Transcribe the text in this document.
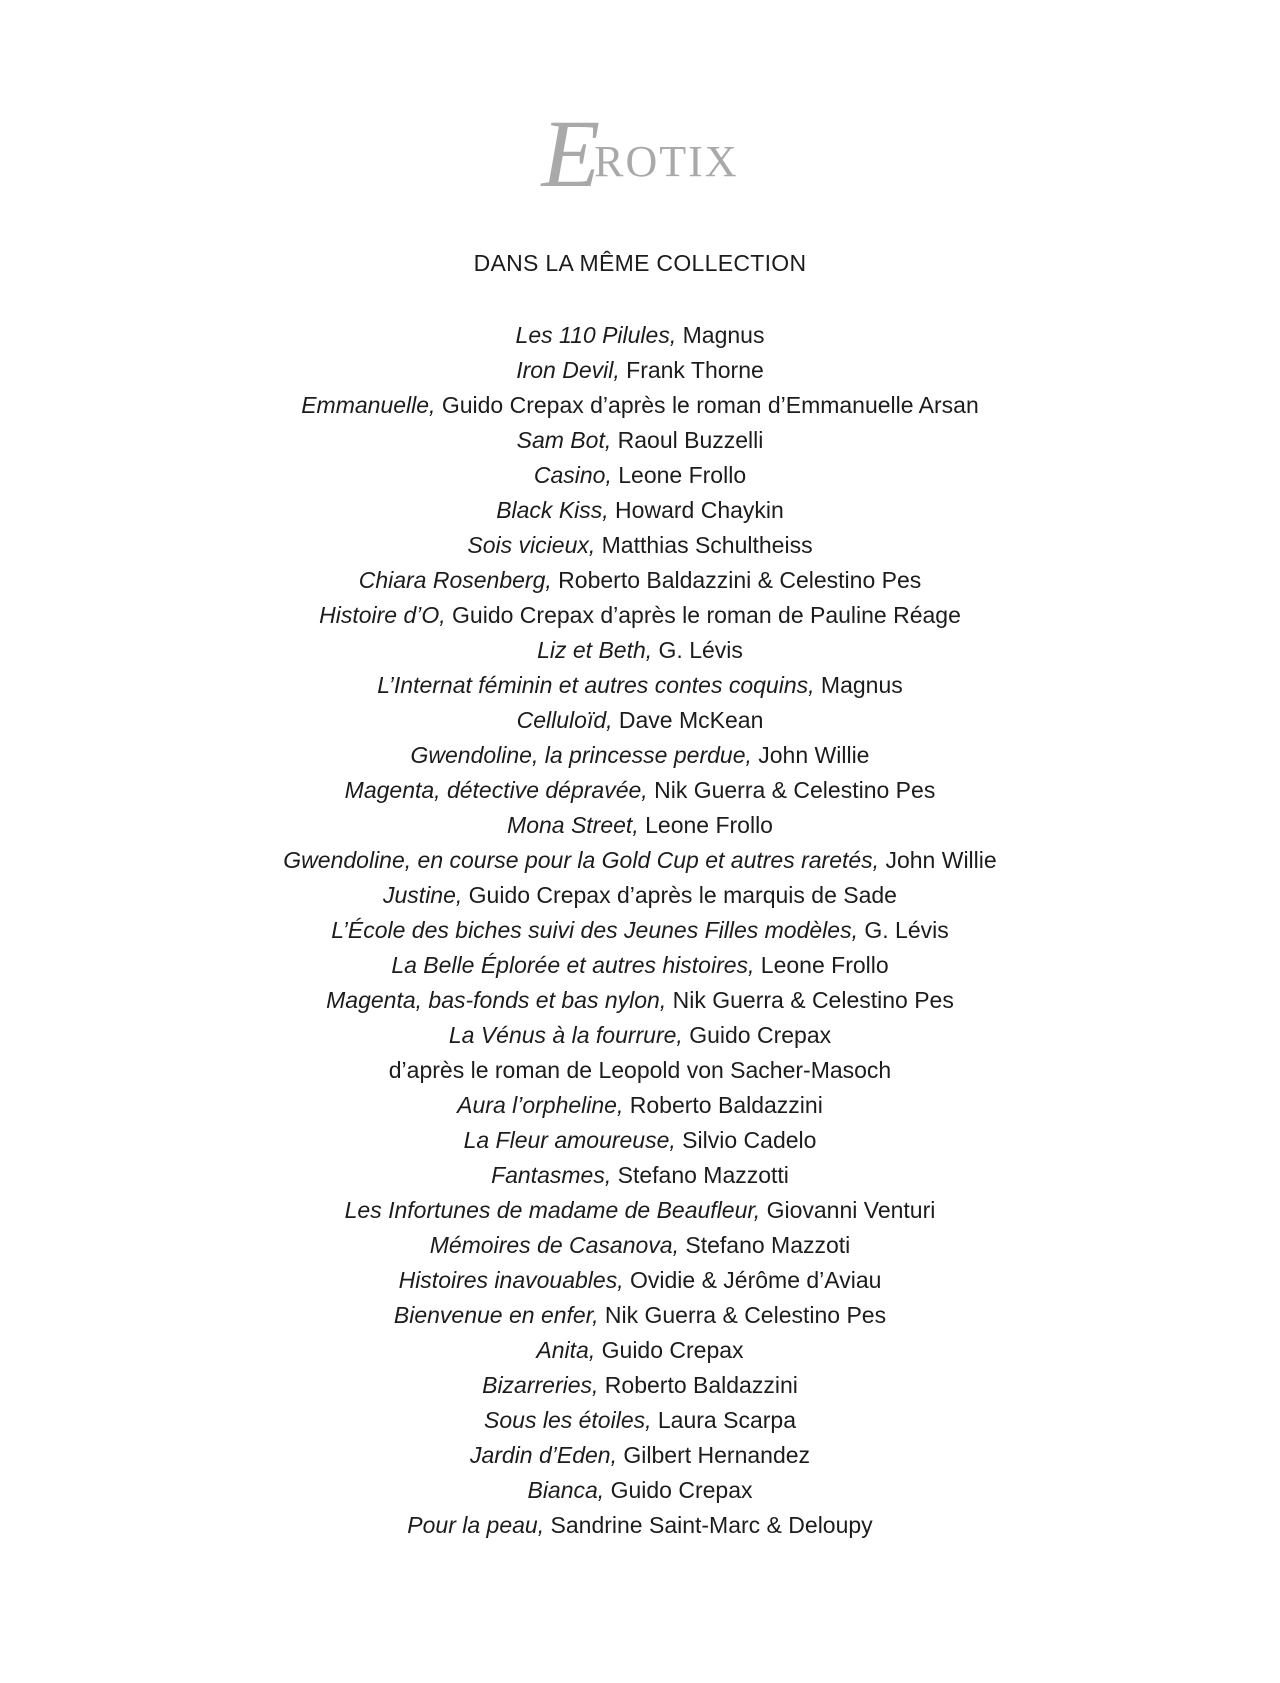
EROTIX
DANS LA MÊME COLLECTION
Les 110 Pilules, Magnus
Iron Devil, Frank Thorne
Emmanuelle, Guido Crepax d’après le roman d’Emmanuelle Arsan
Sam Bot, Raoul Buzzelli
Casino, Leone Frollo
Black Kiss, Howard Chaykin
Sois vicieux, Matthias Schultheiss
Chiara Rosenberg, Roberto Baldazzini & Celestino Pes
Histoire d’O, Guido Crepax d’après le roman de Pauline Réage
Liz et Beth, G. Lévis
L’Internat féminin et autres contes coquins, Magnus
Celluloïd, Dave McKean
Gwendoline, la princesse perdue, John Willie
Magenta, détective dépravée, Nik Guerra & Celestino Pes
Mona Street, Leone Frollo
Gwendoline, en course pour la Gold Cup et autres raretés, John Willie
Justine, Guido Crepax d’après le marquis de Sade
L’École des biches suivi des Jeunes Filles modèles, G. Lévis
La Belle Éplorée et autres histoires, Leone Frollo
Magenta, bas-fonds et bas nylon, Nik Guerra & Celestino Pes
La Vénus à la fourrure, Guido Crepax
d’après le roman de Leopold von Sacher-Masoch
Aura l’orpheline, Roberto Baldazzini
La Fleur amoureuse, Silvio Cadelo
Fantasmes, Stefano Mazzotti
Les Infortunes de madame de Beaufleur, Giovanni Venturi
Mémoires de Casanova, Stefano Mazzoti
Histoires inavouables, Ovidie & Jérôme d’Aviau
Bienvenue en enfer, Nik Guerra & Celestino Pes
Anita, Guido Crepax
Bizarreries, Roberto Baldazzini
Sous les étoiles, Laura Scarpa
Jardin d’Eden, Gilbert Hernandez
Bianca, Guido Crepax
Pour la peau, Sandrine Saint-Marc & Deloupy
